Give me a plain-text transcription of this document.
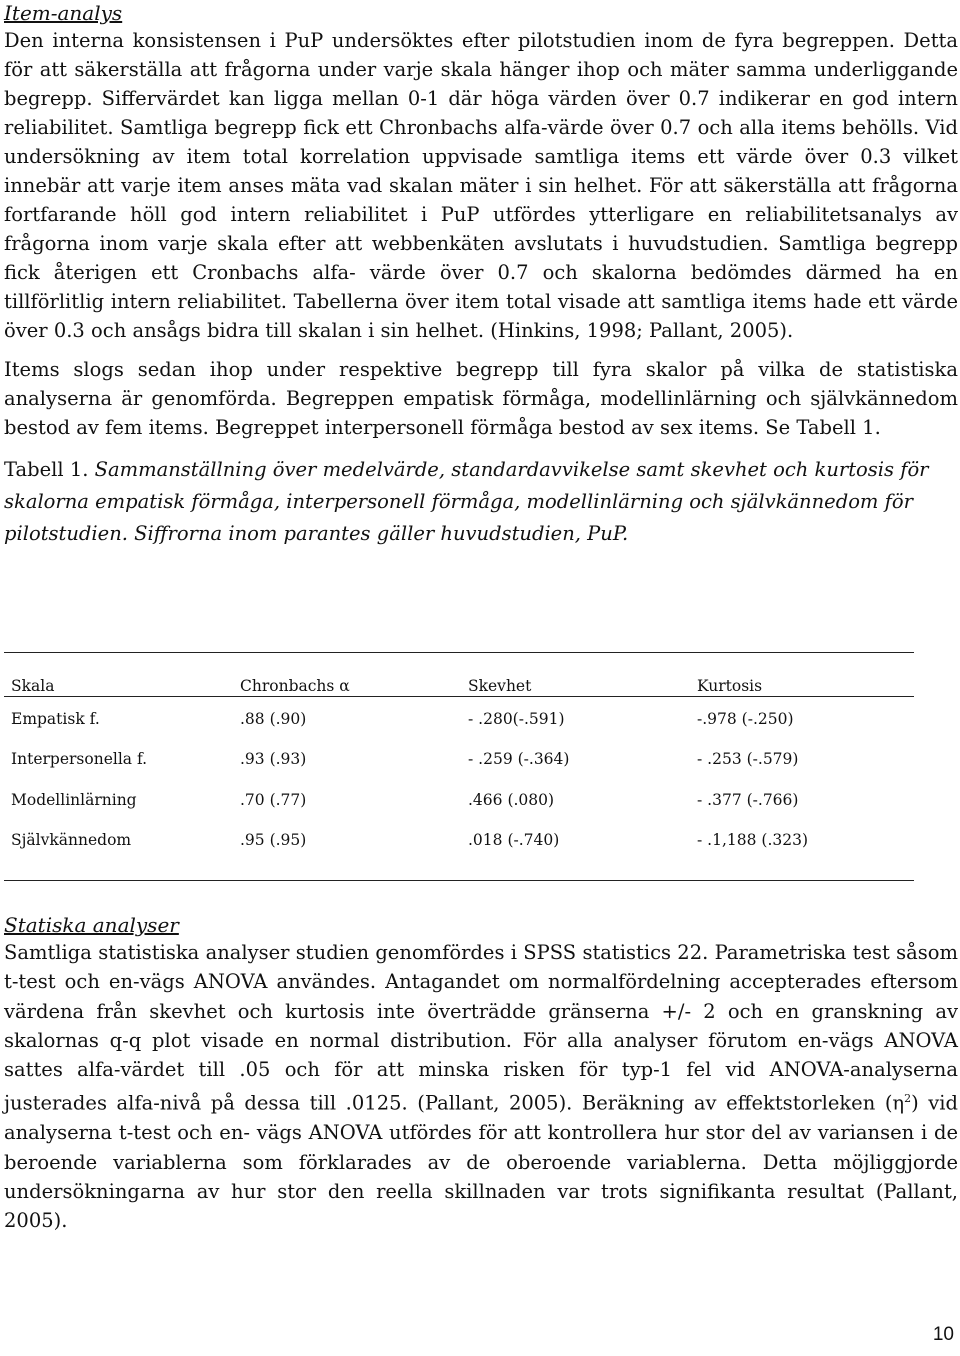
Item-analys

Den interna konsistensen i PuP undersöktes efter pilotstudien inom de fyra begreppen. Detta för att säkerställa att frågorna under varje skala hänger ihop och mäter samma underliggande begrepp. Siffervärdet kan ligga mellan 0-1 där höga värden över 0.7 indikerar en god intern reliabilitet. Samtliga begrepp fick ett Chronbachs alfa-värde över 0.7 och alla items behölls. Vid undersökning av item total korrelation uppvisade samtliga items ett värde över 0.3 vilket innebär att varje item anses mäta vad skalan mäter i sin helhet. För att säkerställa att frågorna fortfarande höll god intern reliabilitet i PuP utfördes ytterligare en reliabilitetsanalys av frågorna inom varje skala efter att webbenkäten avslutats i huvudstudien. Samtliga begrepp fick återigen ett Cronbachs alfa- värde över 0.7 och skalorna bedömdes därmed ha en tillförlitlig intern reliabilitet. Tabellerna över item total visade att samtliga items hade ett värde över 0.3 och ansågs bidra till skalan i sin helhet. (Hinkins, 1998; Pallant, 2005).

Items slogs sedan ihop under respektive begrepp till fyra skalor på vilka de statistiska analyserna är genomförda. Begreppen empatisk förmåga, modellinlärning och självkännedom bestod av fem items. Begreppet interpersonell förmåga bestod av sex items. Se Tabell 1.

Tabell 1. Sammanställning över medelvärde, standardavvikelse samt skevhet och kurtosis för skalorna empatisk förmåga, interpersonell förmåga, modellinlärning och självkännedom för pilotstudien. Siffrorna inom parantes gäller huvudstudien, PuP.

Skala	Chronbachs α	Skevhet	Kurtosis
Empatisk f.	.88 (.90)	- .280(-.591)	-.978 (-.250)
Interpersonella f.	.93 (.93)	- .259 (-.364)	- .253 (-.579)
Modellinlärning	.70 (.77)	.466 (.080)	- .377 (-.766)
Självkännedom	.95 (.95)	.018 (-.740)	- .1,188 (.323)
Statiska analyser

Samtliga statistiska analyser studien genomfördes i SPSS statistics 22. Parametriska test såsom t-test och en-vägs ANOVA användes. Antagandet om normalfördelning accepterades eftersom värdena från skevhet och kurtosis inte överträdde gränserna +/- 2 och en granskning av skalornas q-q plot visade en normal distribution. För alla analyser förutom en-vägs ANOVA sattes alfa-värdet till .05 och för att minska risken för typ-1 fel vid ANOVA-analyserna justerades alfa-nivå på dessa till .0125. (Pallant, 2005). Beräkning av effektstorleken $(\eta^2)$ vid analyserna t-test och en- vägs ANOVA utfördes för att kontrollera hur stor del av variansen i de beroende variablerna som förklarades av de oberoende variablerna. Detta möjliggjorde undersökningarna av hur stor den reella skillnaden var trots signifikanta resultat (Pallant, 2005).

10
